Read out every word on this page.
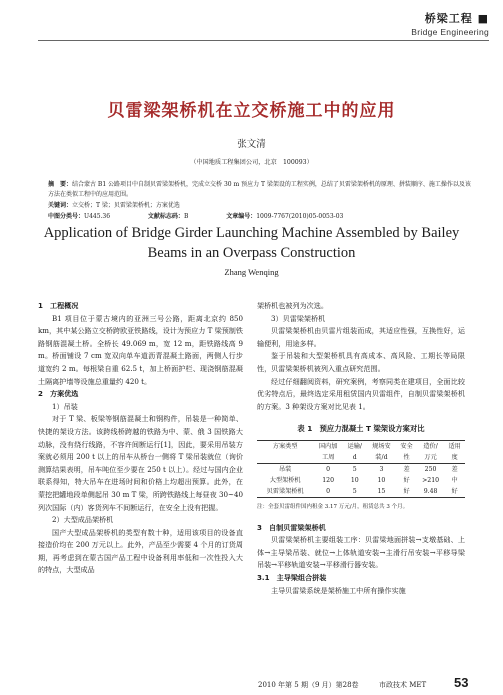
桥梁工程 ■
Bridge Engineering
贝雷梁架桥机在立交桥施工中的应用
张文清
（中国地质工程集团公司，北京　100093）
摘　要：结合蒙古 B1 公路项目中自制贝雷梁架桥机，完成立交桥 30 m 预应力 T 梁架设的工程实例，总结了贝雷梁架桥机的原理、拼装顺序、施工操作以及该方法在类似工程中的应用范围。
关键词：立交桥；T 梁；贝雷梁架桥机；方案优选
中图分类号：U445.36	文献标志码：B	文章编号：1009-7767(2010)05-0053-03
Application of Bridge Girder Launching Machine Assembled by Bailey Beams in an Overpass Construction
Zhang Wenqing

1　工程概况

B1 项目位于蒙古境内的亚洲三号公路，距离北京约 850 km，其中某公路立交桥跨欧亚铁路线，设计为预应力 T 梁预制铁路钢筋混凝土桥。全桥长 49.069 m，宽 12 m，距铁路线高 9 m。桥面铺设 7 cm 宽双向单车道沥青混凝土路面，两侧人行步道宽约 2 m。每根梁自重 62.5 t，加上桥面护栏、现浇钢筋混凝土隔离护墙等设施总重量约 420 t。

2　方案优选

1）吊装

对于 T 梁、板梁等钢筋混凝土和钢构件，吊装是一种简单、快捷的架设方法。该跨线桥跨越的铁路为中、蒙、俄 3 国铁路大动脉，没有绕行线路，不容许间断运行[1]，因此，要采用吊装方案就必须用 200 t 以上的吊车从桥台一侧将 T 梁吊装就位（询价测算结果表明，吊车吨位至少要在 250 t 以上）。经过与国内企业联系得知，特大吊车在进场时间和价格上均超出预算。此外，在蒙挖把罐地段单侧起吊 30 m T 梁，所跨铁路线上每昼夜 30~40 列次国际（内）客货列车不间断运行，在安全上没有把握。

2）大型成品架桥机

国产大型成品架桥机的类型有数十种，适用该项目的设备直接造价均在 200 万元以上。此外，产品至少需要 4 个月的订货周期，再考虑到在蒙古国产品工程中设备利用率低和一次性投入大的特点，大型成品

架桥机也被列为次选。

3）贝雷梁架桥机

贝雷梁架桥机由贝雷片组装而成，其适应性强，互换性好，运输便利，用途多样。

鉴于吊装和大型架桥机具有高成本、高风险、工期长等局限性，贝雷梁架桥机被列入重点研究范围。

经过仔细翻阅资料，研究案例，考察同类在建项目，全面比较优劣特点后，最终选定采用租赁国内贝雷组件，自制贝雷梁架桥机的方案。3 种架设方案对比见表 1。

表 1　预应力混凝土 T 梁架设方案对比
方案类型	国内加	运输/	规场安	安全	造价/	适用
	工周	d	装/d	性	万元	度
吊装	0	5	3	差	250	差
大型架桥机	120	10	10	好	>210	中
贝雷梁架桥机	0	5	15	好	9.48	好
注：全套贝雷组件国内租金 3.17 万元/月，租赁总共 3 个月。

3　自制贝雷梁架桥机

贝雷梁架桥机主要组装工序：贝雷梁地面拼装→支墩基础、上体→主导梁吊装、就位→上体轨道安装→主滑行吊安装→平移导梁吊装→平移轨道安装→平移滑行器安装。

3.1　主导梁组合拼装

主导贝雷梁系统是架桥施工中所有操作实施

2010 年第 5 期（9 月）第28卷	市政技术 MET 53
